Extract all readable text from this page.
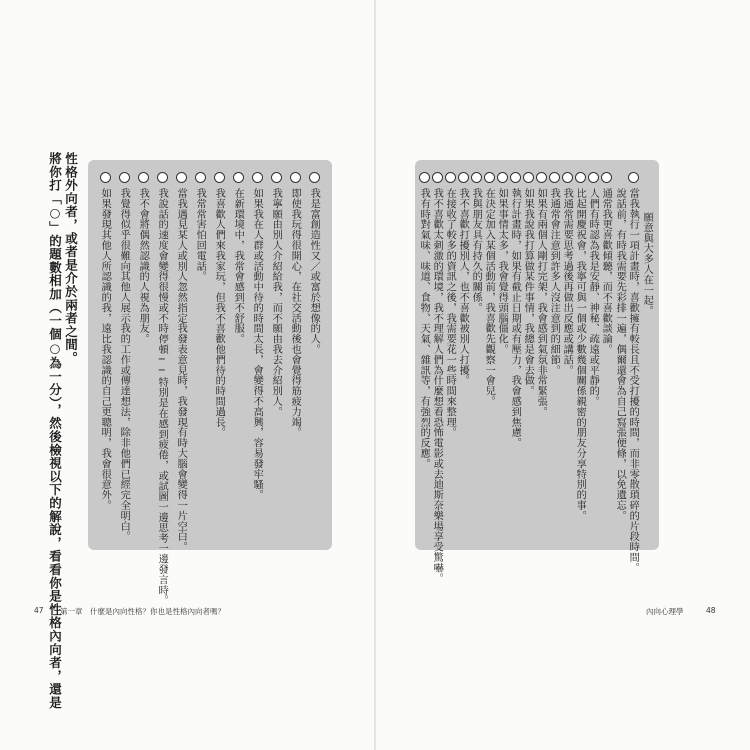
性格外向者，或者是介於兩者之間。
將你打「○」的題數相加（一個○為一分），然後檢視以下的解說，看看你是性格內向者，還是	我是富創造性又／或富於想像的人。
即使我玩得很開心，在社交活動後也會覺得筋疲力竭。
我寧願由別人介紹給我，而不願由我去介紹別人。
如果我在人群或活動中待的時間太長，會變得不高興，容易發牢騷。
在新環境中，我常會感到不舒服。
我喜歡人們來我家玩，但我不喜歡他們待的時間過長。
我常常害怕回電話。
當我遇見某人或別人忽然指定我發表意見時，我發現有時大腦會變得一片空白。
我說話的速度會變得很慢或不時停頓──特別是在感到疲倦，或試圖一邊思考一邊發言時。
我不會將偶然認識的人視為朋友。
我覺得似乎很難向其他人展示我的工作或傳達想法，除非他們已經完全明白。
如果發現其他人所認識的我，遠比我認識的自己更聰明，我會很意外。
47 第一章　什麼是內向性格？你也是性格內向者嗎？
願意與大多人在一起。
當我執行一項計畫時，喜歡擁有較長且不受打擾的時間，而非零散瑣碎的片段時間。
說話前，有時我需要先彩排一遍，偶爾還會為自己寫張便條，以免遺忘。
通常我更喜歡傾聽，而不喜歡談論。
人們有時認為我是安靜、神秘、疏遠或平靜的。
比起開慶祝會，我寧可與一個或少數幾個關係親密的朋友分享特別的事。
我通常需要思考過後再做出反應或講話。
我通常會注意到許多人沒注意到的細節。
如果有兩個人剛打完架，我會感到氣氛非常緊張。
如果我說我打算做某件事情，我總是會去做。
執行計畫時，如果有截止日期或有壓力，我會感到焦慮。
如果事情太多，我會覺得頭腦僵化。
在決定加入某個活動前，我喜歡先觀察一會兒。
我與朋友具有持久的關係。
我不喜歡打擾別人，也不喜歡被別人打擾。
在接收了較多的資訊之後，我需要花一些時間來整理。
我不喜歡太刺激的環境，我不理解人們為什麼想看恐怖電影或去迪斯奈樂場享受驚嚇。
我有時對氣味、味道、食物、天氣、雜訊等，有強烈的反應。
內向心理學	48
